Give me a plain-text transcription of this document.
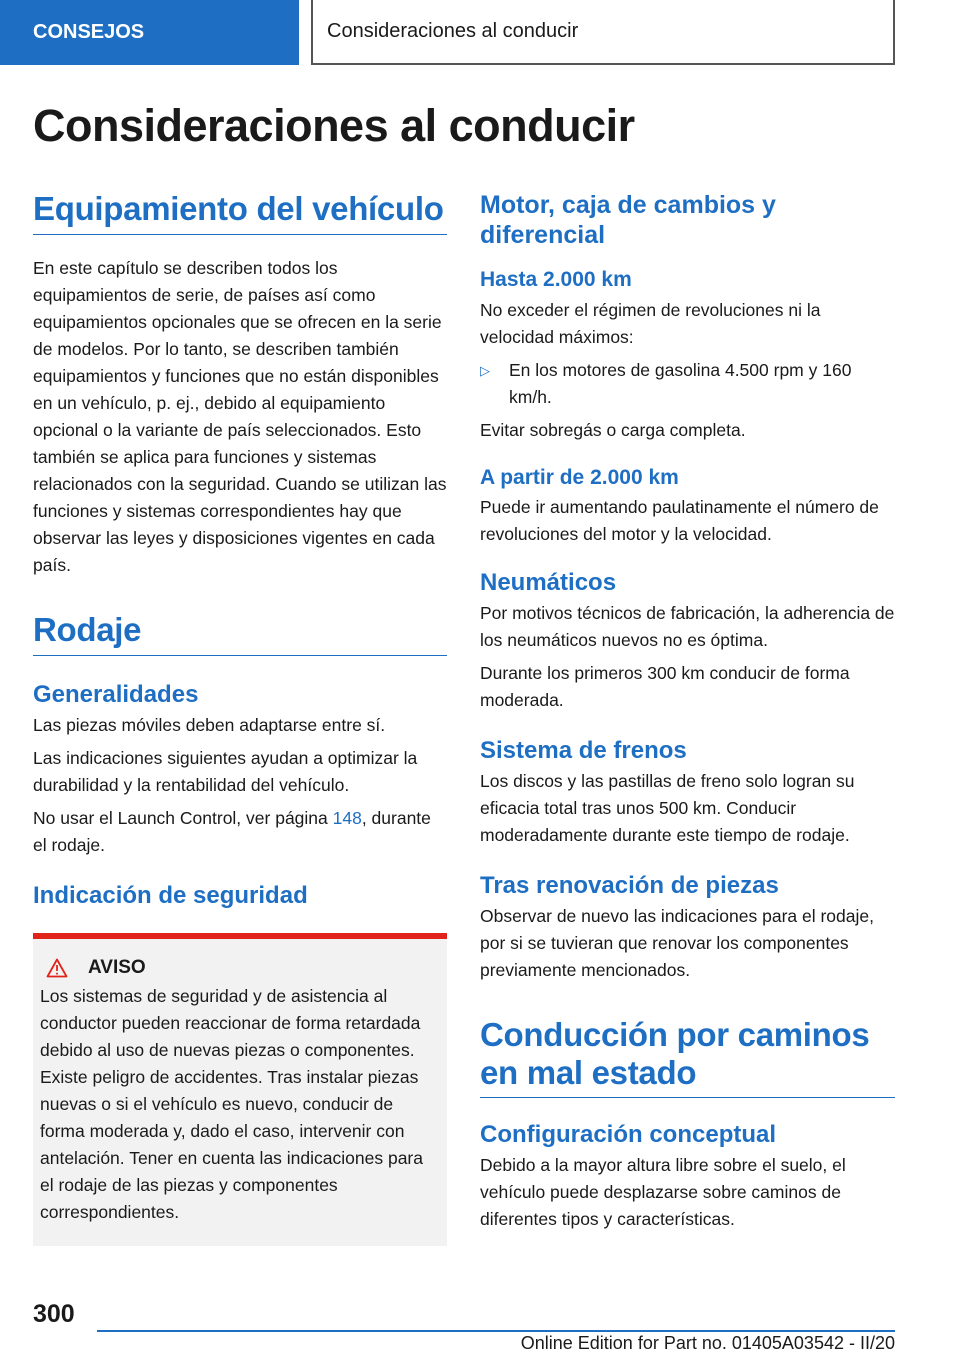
CONSEJOS	Consideraciones al conducir
Consideraciones al conducir
Equipamiento del vehículo

En este capítulo se describen todos los equipamientos de serie, de países así como equipamientos opcionales que se ofrecen en la serie de modelos. Por lo tanto, se describen también equipamientos y funciones que no están disponibles en un vehículo, p. ej., debido al equipamiento opcional o la variante de país seleccionados. Esto también se aplica para funciones y sistemas relacionados con la seguridad. Cuando se utilizan las funciones y sistemas correspondientes hay que observar las leyes y disposiciones vigentes en cada país.

Rodaje
Generalidades

Las piezas móviles deben adaptarse entre sí.

Las indicaciones siguientes ayudan a optimizar la durabilidad y la rentabilidad del vehículo.

No usar el Launch Control, ver página 148, durante el rodaje.

Indicación de seguridad
AVISO

Los sistemas de seguridad y de asistencia al conductor pueden reaccionar de forma retardada debido al uso de nuevas piezas o componentes. Existe peligro de accidentes. Tras instalar piezas nuevas o si el vehículo es nuevo, conducir de forma moderada y, dado el caso, intervenir con antelación. Tener en cuenta las indicaciones para el rodaje de las piezas y componentes correspondientes.

Motor, caja de cambios y diferencial
Hasta 2.000 km

No exceder el régimen de revoluciones ni la velocidad máximos:

▷	En los motores de gasolina 4.500 rpm y 160 km/h.

Evitar sobregás o carga completa.

A partir de 2.000 km

Puede ir aumentando paulatinamente el número de revoluciones del motor y la velocidad.

Neumáticos

Por motivos técnicos de fabricación, la adherencia de los neumáticos nuevos no es óptima.

Durante los primeros 300 km conducir de forma moderada.

Sistema de frenos

Los discos y las pastillas de freno solo logran su eficacia total tras unos 500 km. Conducir moderadamente durante este tiempo de rodaje.

Tras renovación de piezas

Observar de nuevo las indicaciones para el rodaje, por si se tuvieran que renovar los componentes previamente mencionados.

Conducción por caminos en mal estado
Configuración conceptual

Debido a la mayor altura libre sobre el suelo, el vehículo puede desplazarse sobre caminos de diferentes tipos y características.

300
Online Edition for Part no. 01405A03542 - II/20
